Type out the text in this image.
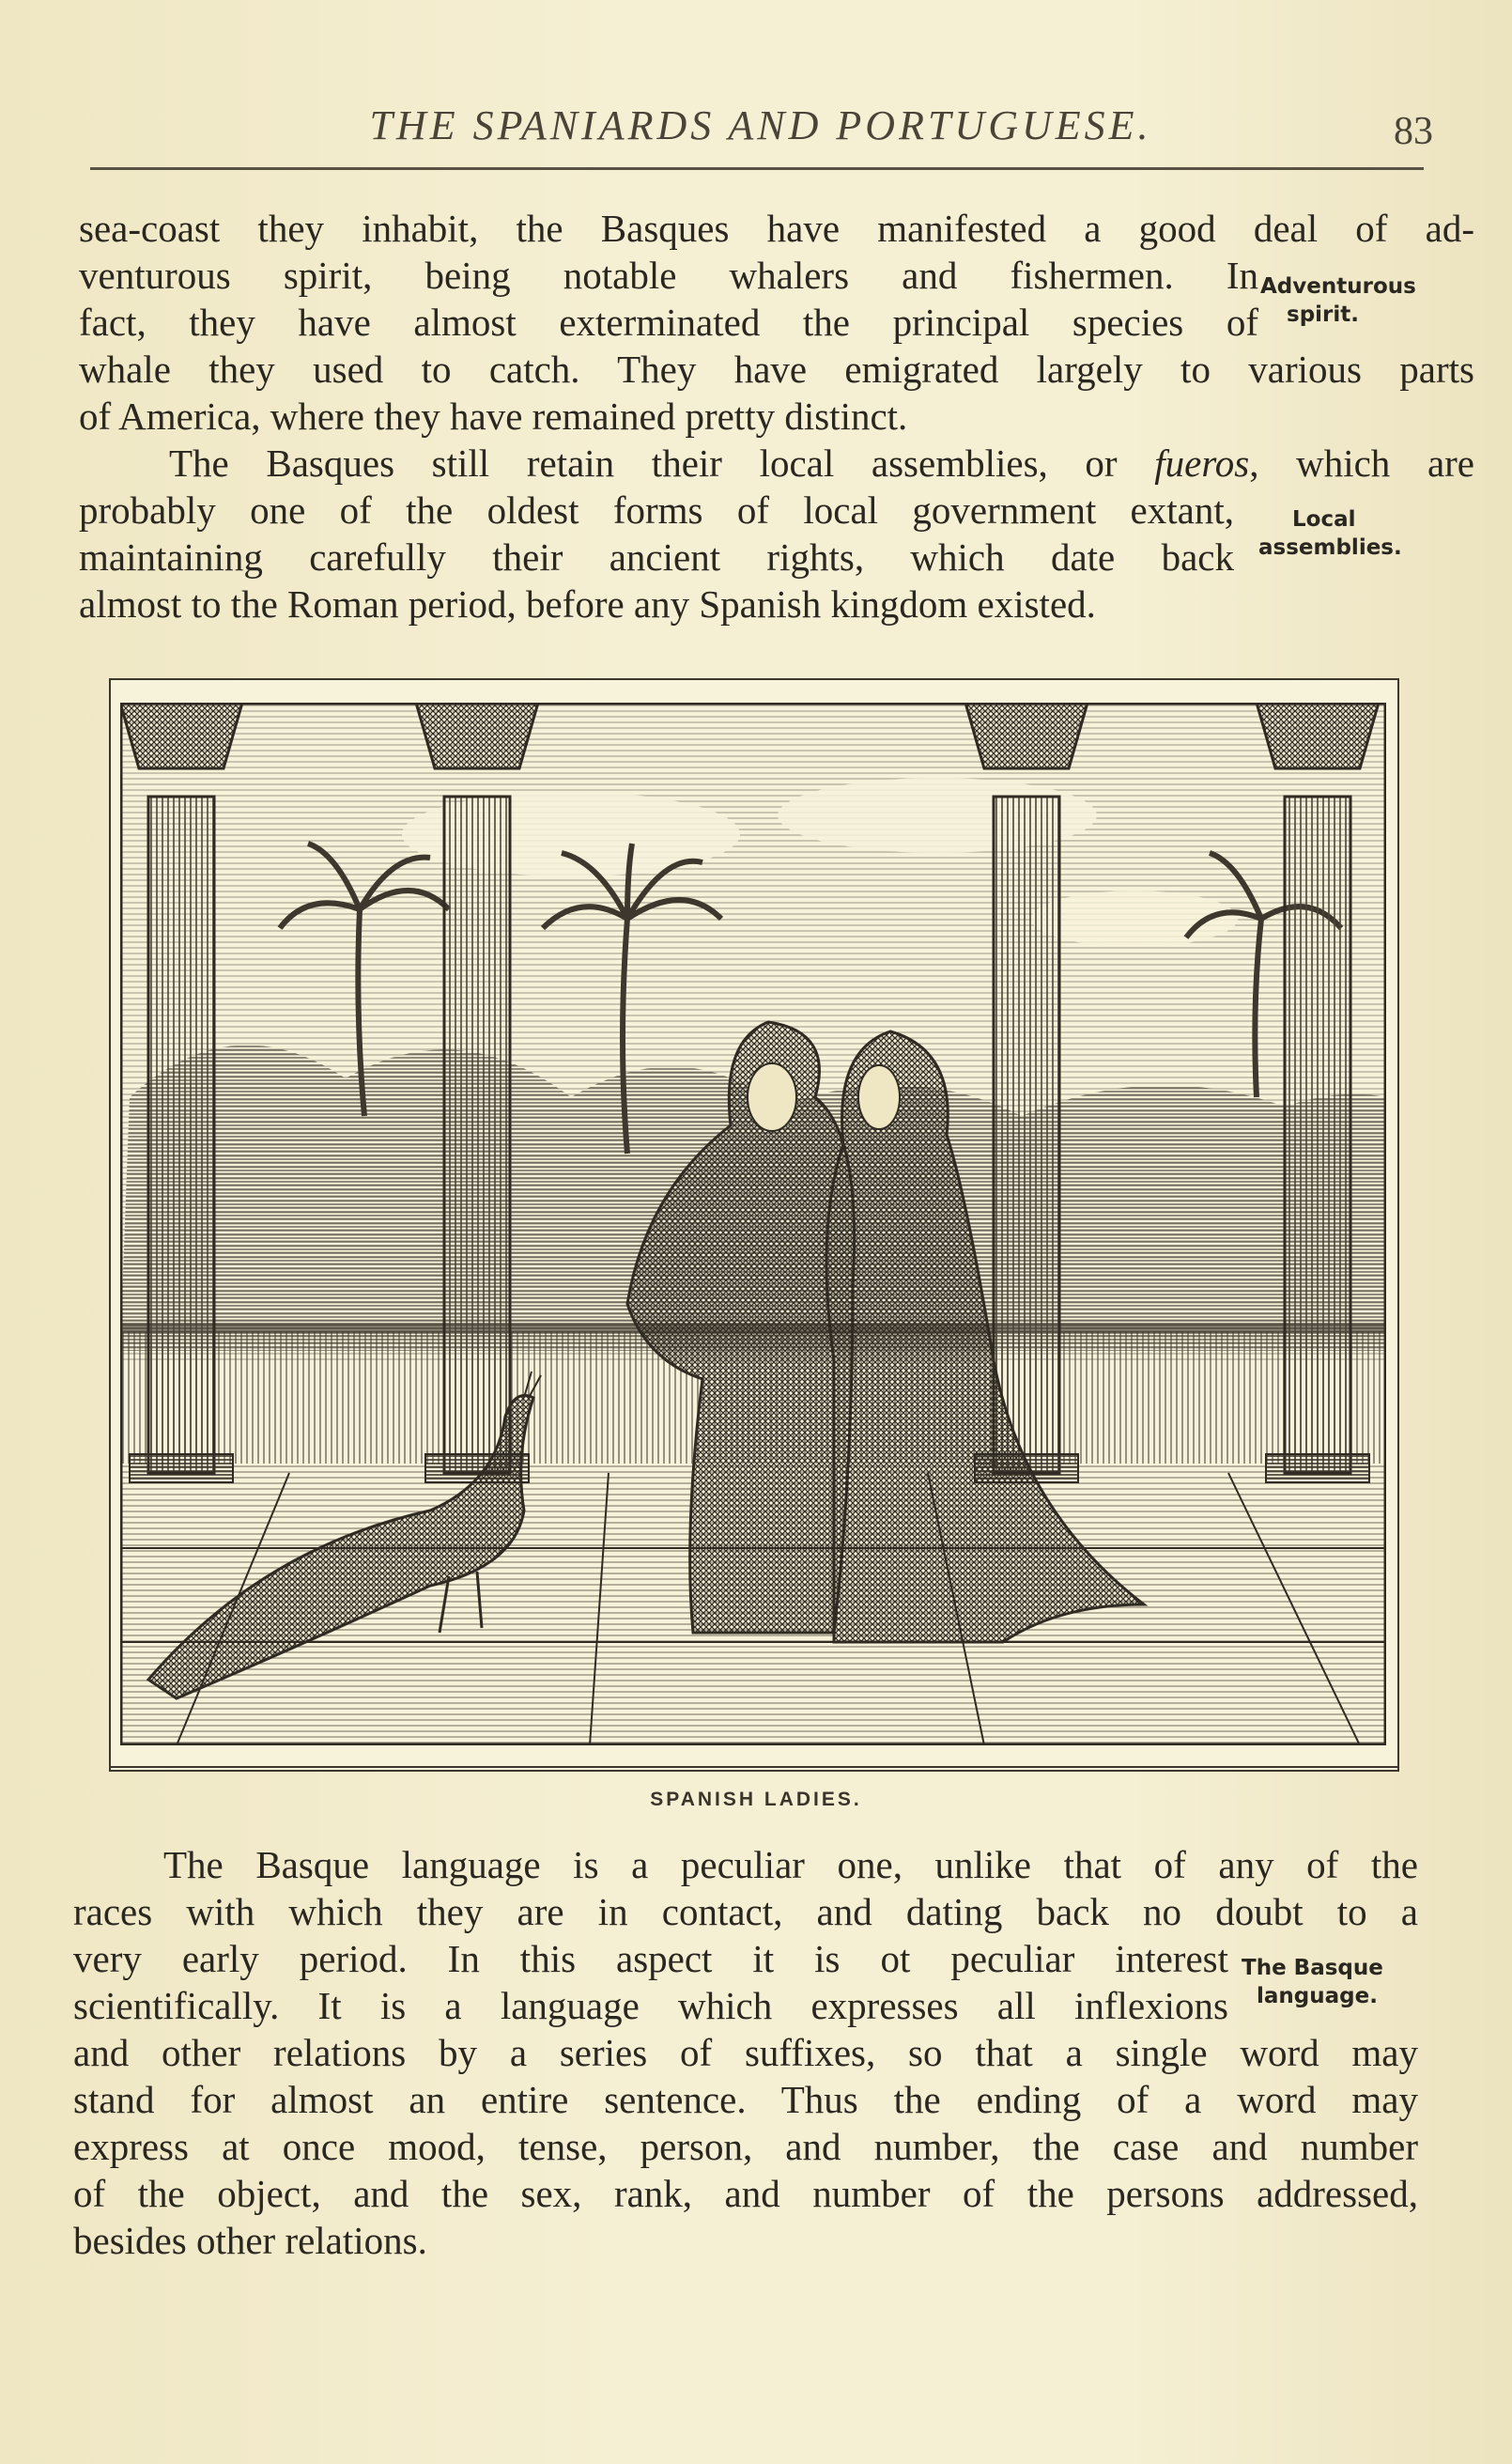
THE SPANIARDS AND PORTUGUESE.	83
sea-coast they inhabit, the Basques have manifested a good deal of ad-
venturous spirit, being notable whalers and fishermen. In
fact, they have almost exterminated the principal species of
whale they used to catch. They have emigrated largely to various parts
of America, where they have remained pretty distinct.
The Basques still retain their local assemblies, or fueros, which are
probably one of the oldest forms of local government extant,
maintaining carefully their ancient rights, which date back
almost to the Roman period, before any Spanish kingdom existed.
Adventurous
spirit.
Local
assemblies.
The Basque
language.
SPANISH LADIES.
The Basque language is a peculiar one, unlike that of any of the
races with which they are in contact, and dating back no doubt to a
very early period. In this aspect it is ot peculiar interest
scientifically. It is a language which expresses all inflexions
and other relations by a series of suffixes, so that a single word may
stand for almost an entire sentence. Thus the ending of a word may
express at once mood, tense, person, and number, the case and number
of the object, and the sex, rank, and number of the persons addressed,
besides other relations.
